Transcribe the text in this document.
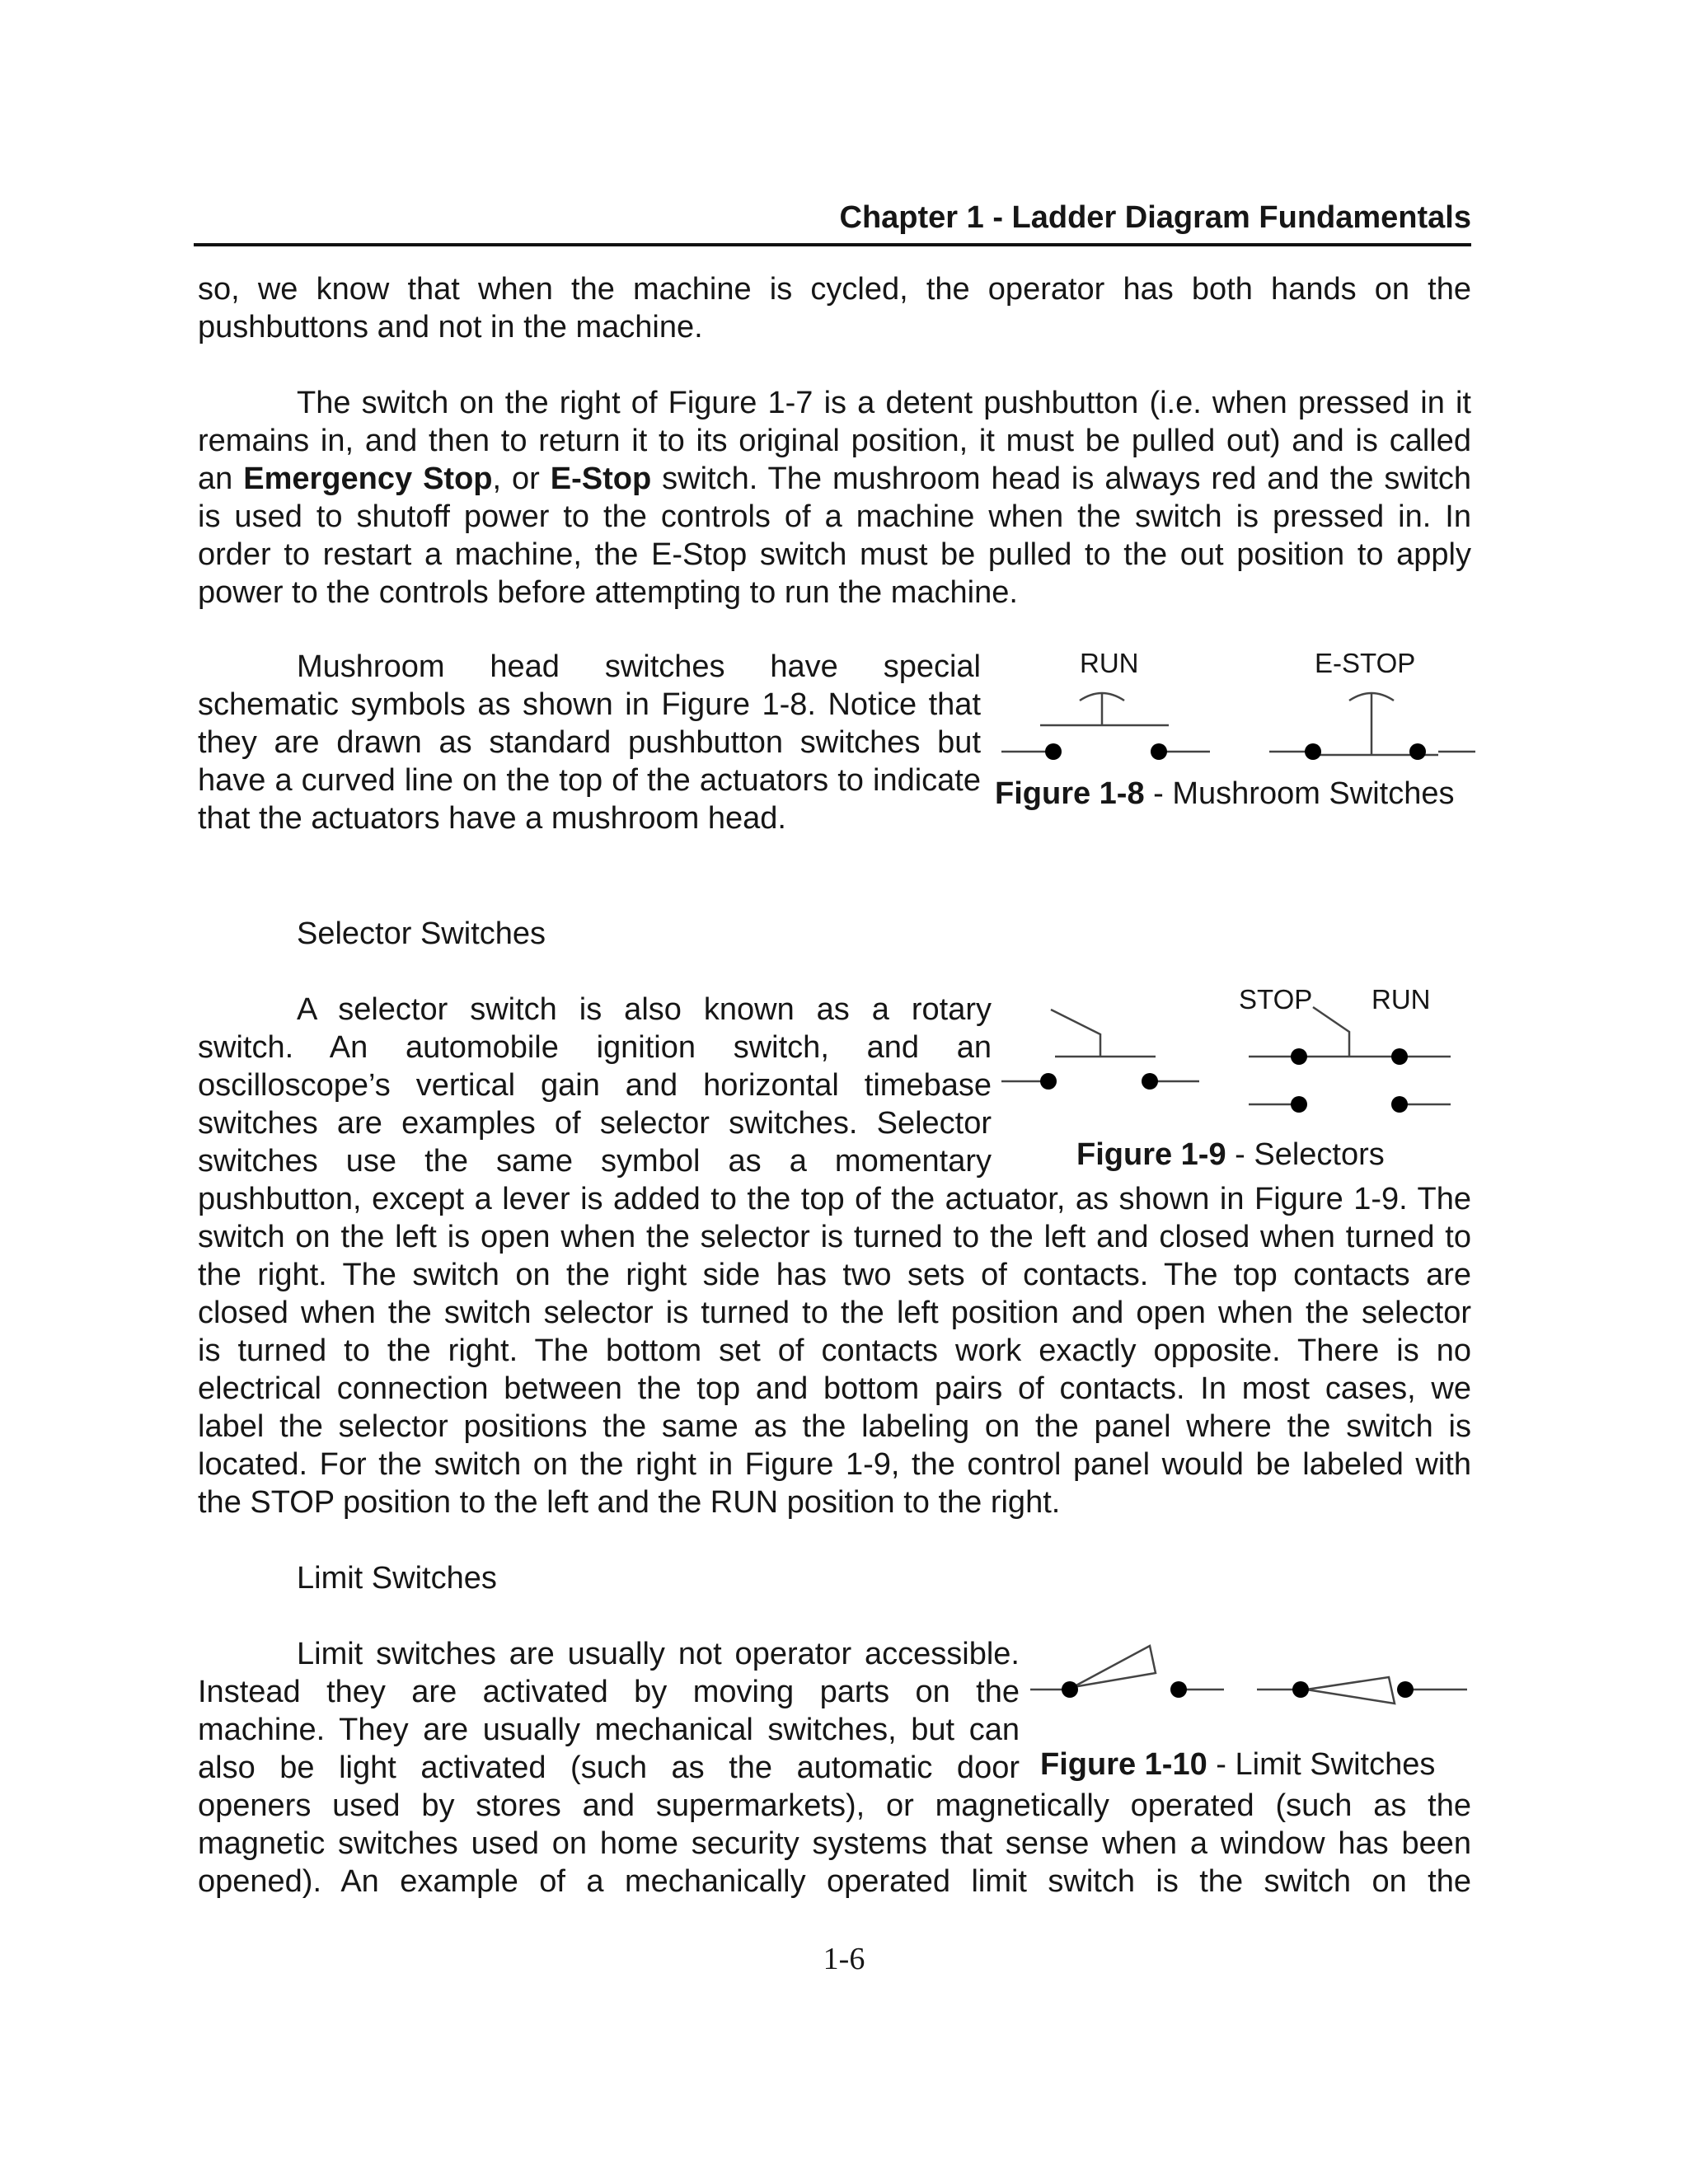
Chapter 1 - Ladder Diagram Fundamentals
so, we know that when the machine is cycled, the operator has both hands on the
pushbuttons and not in the machine.
The switch on the right of Figure 1-7 is a detent pushbutton (i.e. when pressed in it
remains in, and then to return it to its original position, it must be pulled out) and is called
an Emergency Stop, or E-Stop switch. The mushroom head is always red and the switch
is used to shutoff power to the controls of a machine when the switch is pressed in. In
order to restart a machine, the E-Stop switch must be pulled to the out position to apply
power to the controls before attempting to run the machine.
Mushroom head switches have special
schematic symbols as shown in Figure 1-8. Notice that
they are drawn as standard pushbutton switches but
have a curved line on the top of the actuators to indicate
that the actuators have a mushroom head.
RUN	E-STOP
Figure 1-8 - Mushroom Switches
Selector Switches
A selector switch is also known as a rotary
switch. An automobile ignition switch, and an
oscilloscope’s vertical gain and horizontal timebase
switches are examples of selector switches. Selector
switches use the same symbol as a momentary
pushbutton, except a lever is added to the top of the actuator, as shown in Figure 1-9. The
switch on the left is open when the selector is turned to the left and closed when turned to
the right. The switch on the right side has two sets of contacts. The top contacts are
closed when the switch selector is turned to the left position and open when the selector
is turned to the right. The bottom set of contacts work exactly opposite. There is no
electrical connection between the top and bottom pairs of contacts. In most cases, we
label the selector positions the same as the labeling on the panel where the switch is
located. For the switch on the right in Figure 1-9, the control panel would be labeled with
the STOP position to the left and the RUN position to the right.
STOP RUN
Figure 1-9 - Selectors
Limit Switches
Limit switches are usually not operator accessible.
Instead they are activated by moving parts on the
machine. They are usually mechanical switches, but can
also be light activated (such as the automatic door
openers used by stores and supermarkets), or magnetically operated (such as the
magnetic switches used on home security systems that sense when a window has been
opened). An example of a mechanically operated limit switch is the switch on the
Figure 1-10 - Limit Switches
1-6
